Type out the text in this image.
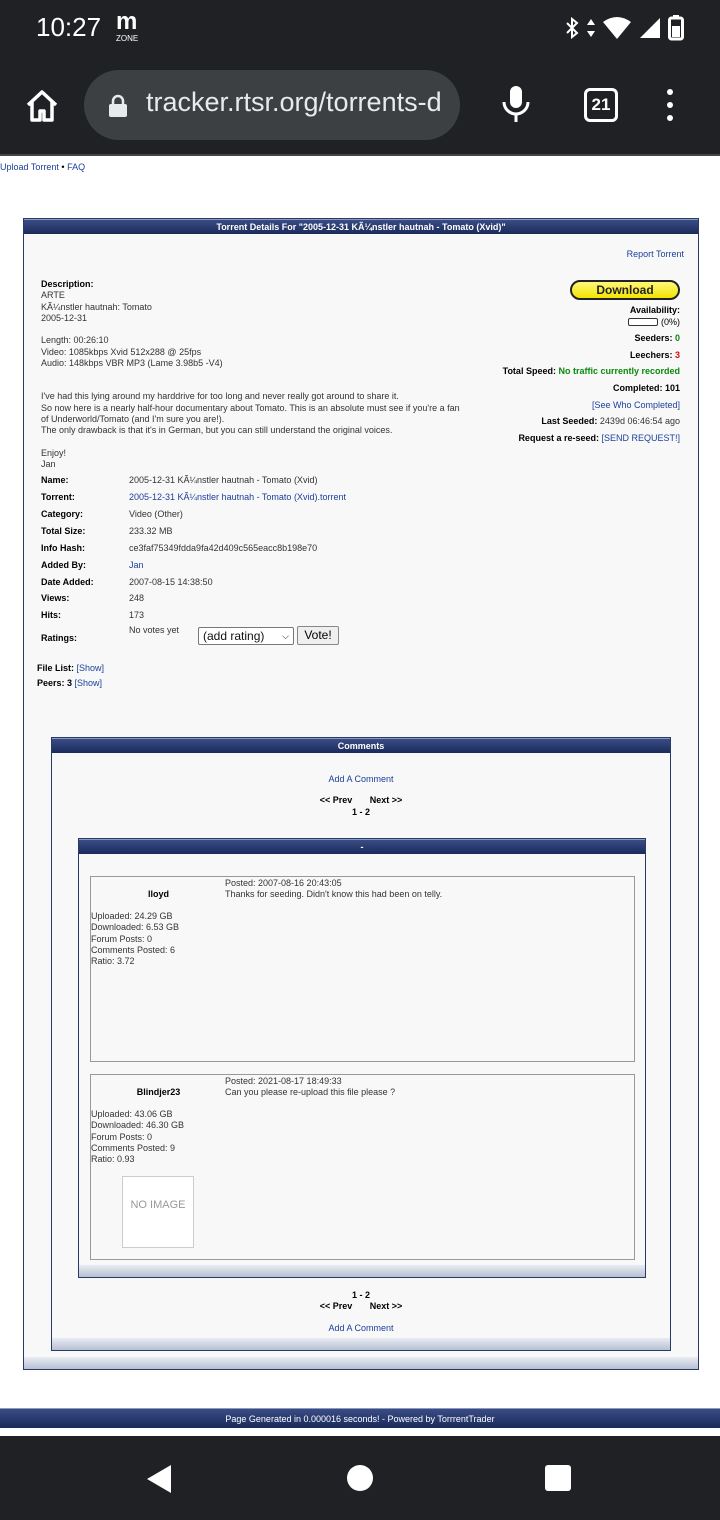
10:27 m
ZONE
tracker.rtsr.org/torrents-d	21
Upload Torrent • FAQ
Torrent Details For "2005-12-31 KÃ¼nstler hautnah - Tomato (Xvid)"
Report Torrent
Description:
ARTE
KÃ¼nstler hautnah: Tomato
2005-12-31
Length: 00:26:10
Video: 1085kbps Xvid 512x288 @ 25fps
Audio: 148kbps VBR MP3 (Lame 3.98b5 -V4)
I've had this lying around my harddrive for too long and never really got around to share it.
So now here is a nearly half-hour documentary about Tomato. This is an absolute must see if you're a fan
of Underworld/Tomato (and I'm sure you are!).
The only drawback is that it's in German, but you can still understand the original voices.
Enjoy!
Jan
Download
Availability:
(0%)
Seeders: 0
Leechers: 3
Total Speed: No traffic currently recorded
Completed: 101
[See Who Completed]
Last Seeded: 2439d 06:46:54 ago
Request a re-seed: [SEND REQUEST!]
Name:	2005-12-31 KÃ¼nstler hautnah - Tomato (Xvid)
Torrent:	2005-12-31 KÃ¼nstler hautnah - Tomato (Xvid).torrent
Category:	Video (Other)
Total Size:	233.32 MB
Info Hash:	ce3faf75349fdda9fa42d409c565eacc8b198e70
Added By:	Jan
Date Added:	2007-08-15 14:38:50
Views:	248
Hits:	173
Ratings:
No votes yet	(add rating) ⌵	Vote!
File List: [Show]
Peers: 3 [Show]
Comments
Add A Comment
<< Prev Next >>
1 - 2
-
lloyd
Uploaded: 24.29 GB
Downloaded: 6.53 GB
Forum Posts: 0
Comments Posted: 6
Ratio: 3.72
Posted: 2007-08-16 20:43:05
Thanks for seeding. Didn't know this had been on telly.
Blindjer23
Uploaded: 43.06 GB
Downloaded: 46.30 GB
Forum Posts: 0
Comments Posted: 9
Ratio: 0.93
Posted: 2021-08-17 18:49:33
Can you please re-upload this file please ?
NO IMAGE
1 - 2
<< Prev Next >>
Add A Comment
Page Generated in 0.000016 seconds! - Powered by TorrrentTrader
